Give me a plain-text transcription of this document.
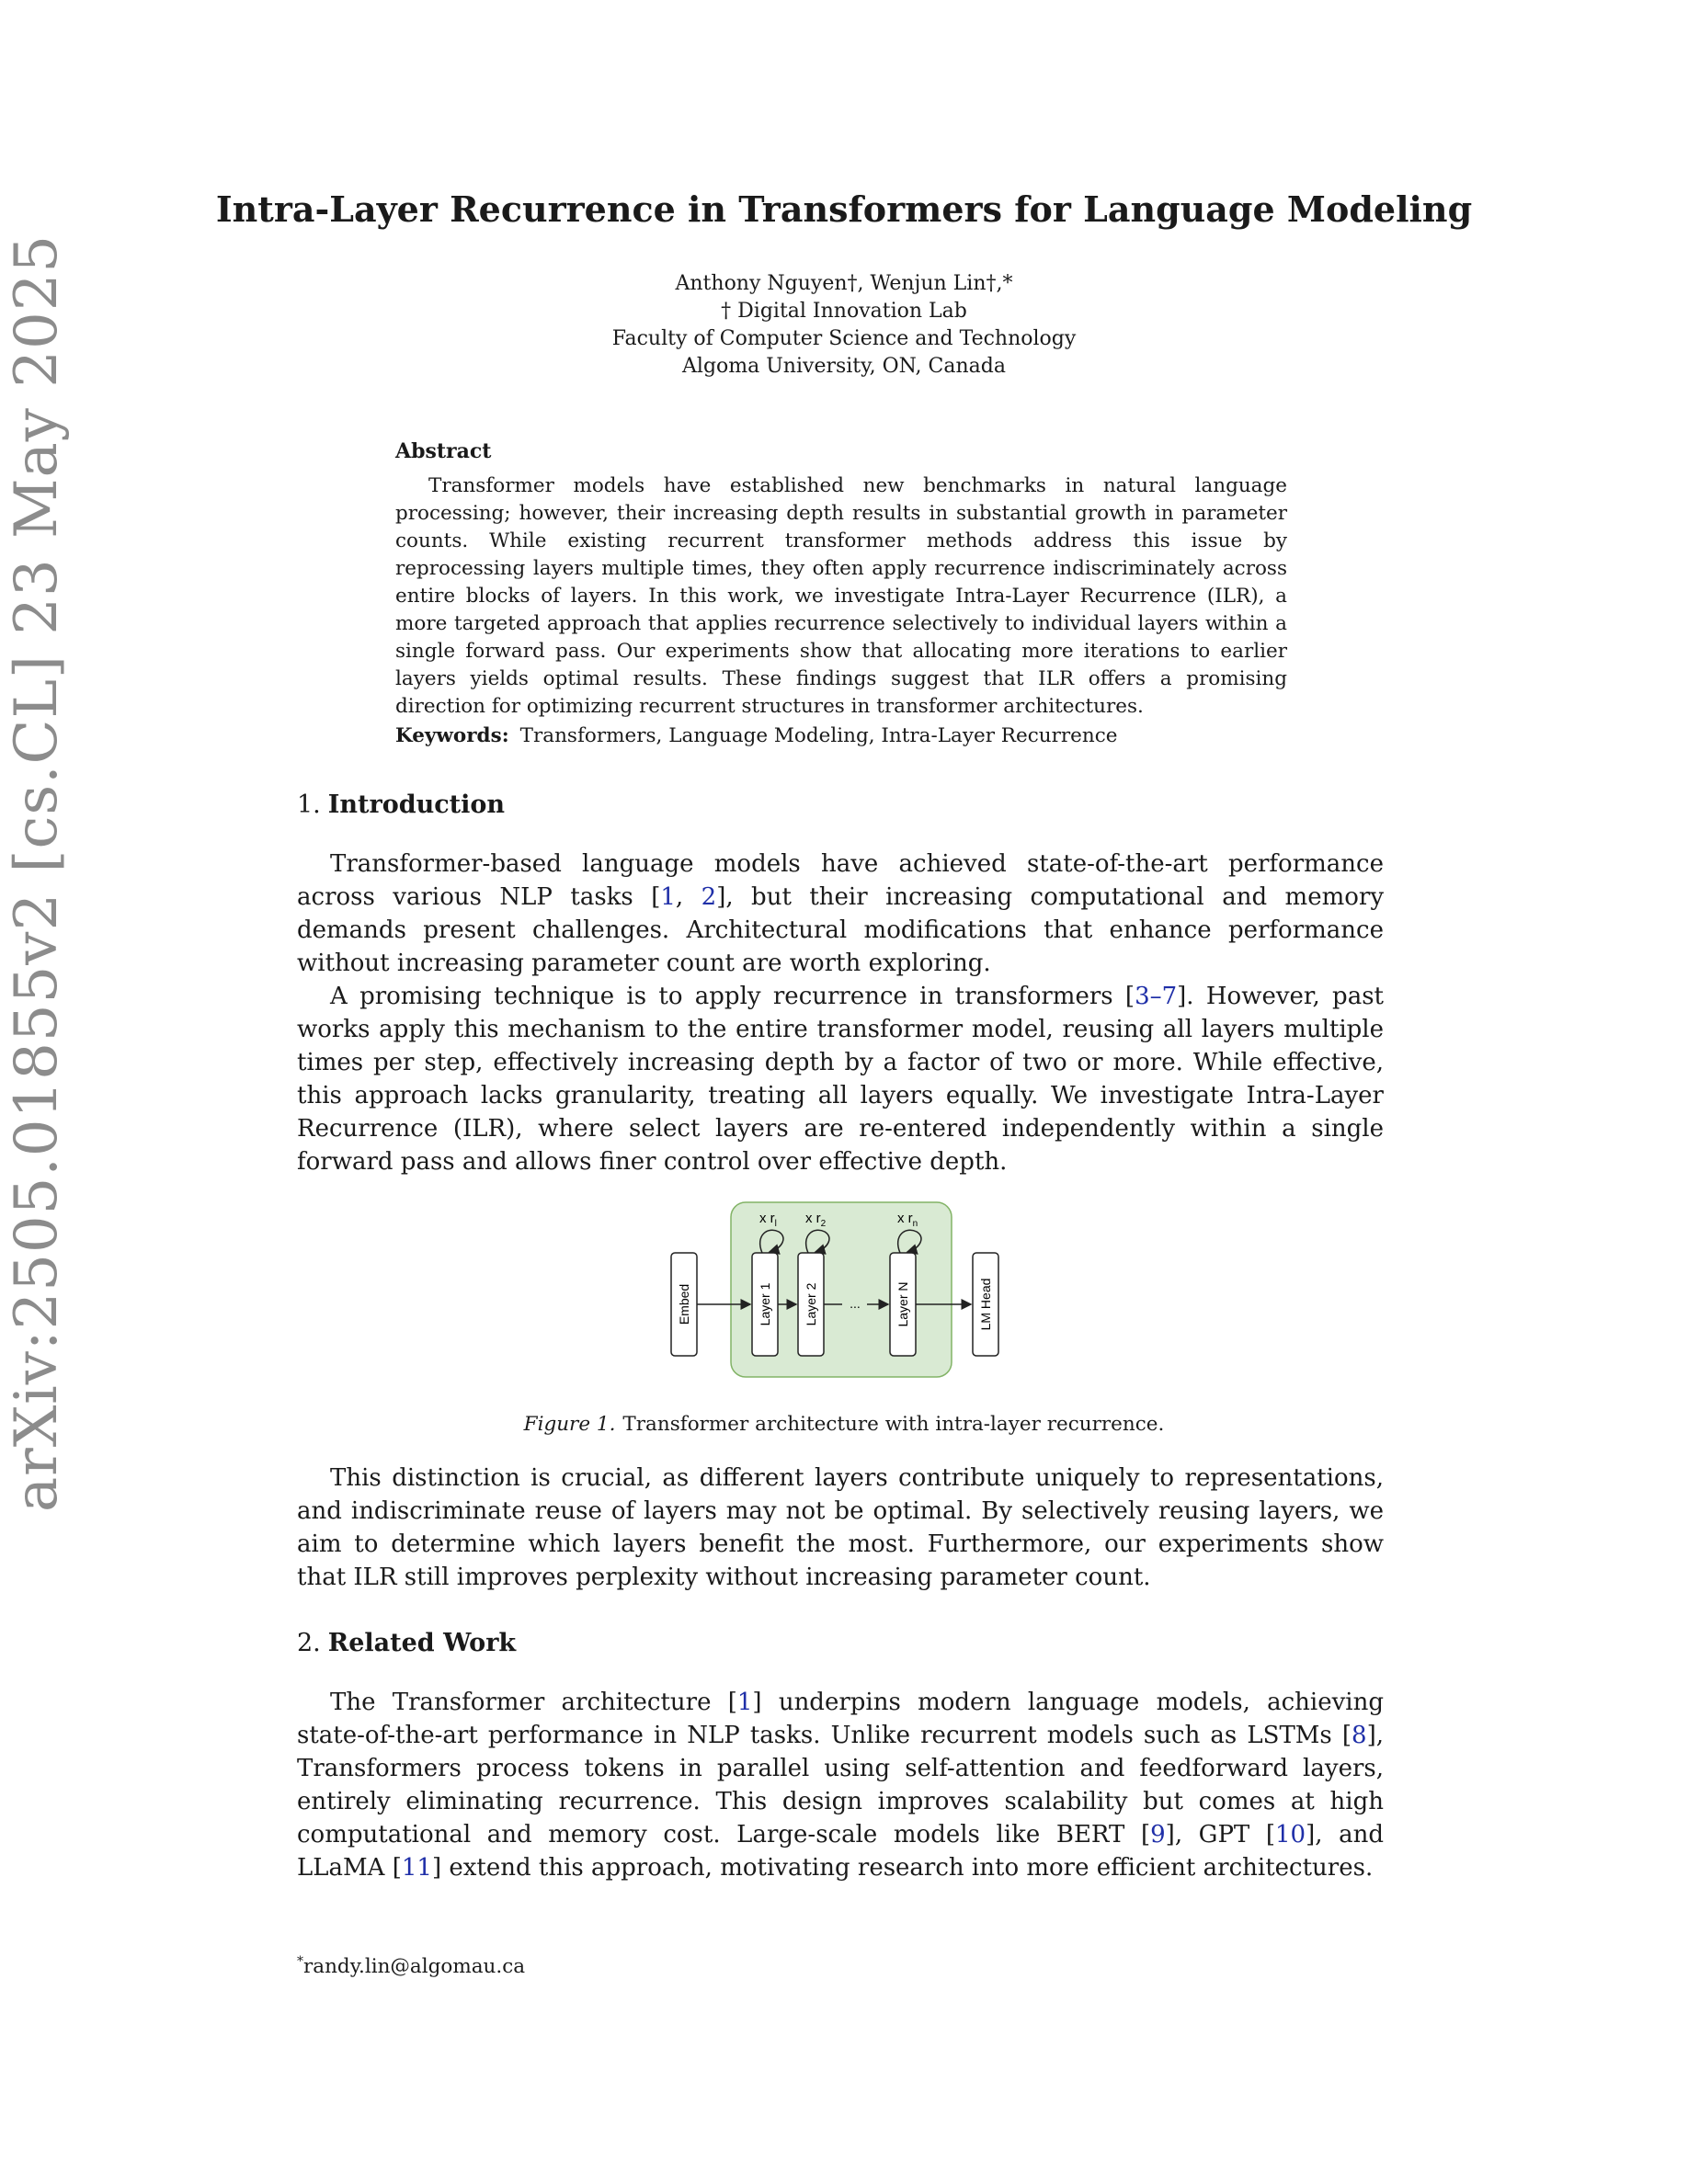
arXiv:2505.01855v2 [cs.CL] 23 May 2025
Intra-Layer Recurrence in Transformers for Language Modeling
Anthony Nguyen†, Wenjun Lin†,*
† Digital Innovation Lab
Faculty of Computer Science and Technology
Algoma University, ON, Canada
Abstract

Transformer models have established new benchmarks in natural language processing; however, their increasing depth results in substantial growth in parameter counts. While existing recurrent transformer methods address this issue by reprocessing layers multiple times, they often apply recurrence indiscriminately across entire blocks of layers. In this work, we investigate Intra-Layer Recurrence (ILR), a more targeted approach that applies recurrence selectively to individual layers within a single forward pass. Our experiments show that allocating more iterations to earlier layers yields optimal results. These findings suggest that ILR offers a promising direction for optimizing recurrent structures in transformer architectures.

Keywords: Transformers, Language Modeling, Intra-Layer Recurrence
1. Introduction

Transformer-based language models have achieved state-of-the-art performance across various NLP tasks [1, 2], but their increasing computational and memory demands present challenges. Architectural modifications that enhance performance without increasing parameter count are worth exploring.

A promising technique is to apply recurrence in transformers [3–7]. However, past works apply this mechanism to the entire transformer model, reusing all layers multiple times per step, effectively increasing depth by a factor of two or more. While effective, this approach lacks granularity, treating all layers equally. We investigate Intra-Layer Recurrence (ILR), where select layers are re-entered independently within a single forward pass and allows finer control over effective depth.

Embed	Layer 1 Layer 2	Layer N	LM Head
...
x $r_l$ x $r_2$	x $r_n$
Figure 1. Transformer architecture with intra-layer recurrence.

This distinction is crucial, as different layers contribute uniquely to representations, and indiscriminate reuse of layers may not be optimal. By selectively reusing layers, we aim to determine which layers benefit the most. Furthermore, our experiments show that ILR still improves perplexity without increasing parameter count.

2. Related Work

The Transformer architecture [1] underpins modern language models, achieving state-of-the-art performance in NLP tasks. Unlike recurrent models such as LSTMs [8], Transformers process tokens in parallel using self-attention and feedforward layers, entirely eliminating recurrence. This design improves scalability but comes at high computational and memory cost. Large-scale models like BERT [9], GPT [10], and LLaMA [11] extend this approach, motivating research into more efficient architectures.

*randy.lin@algomau.ca
